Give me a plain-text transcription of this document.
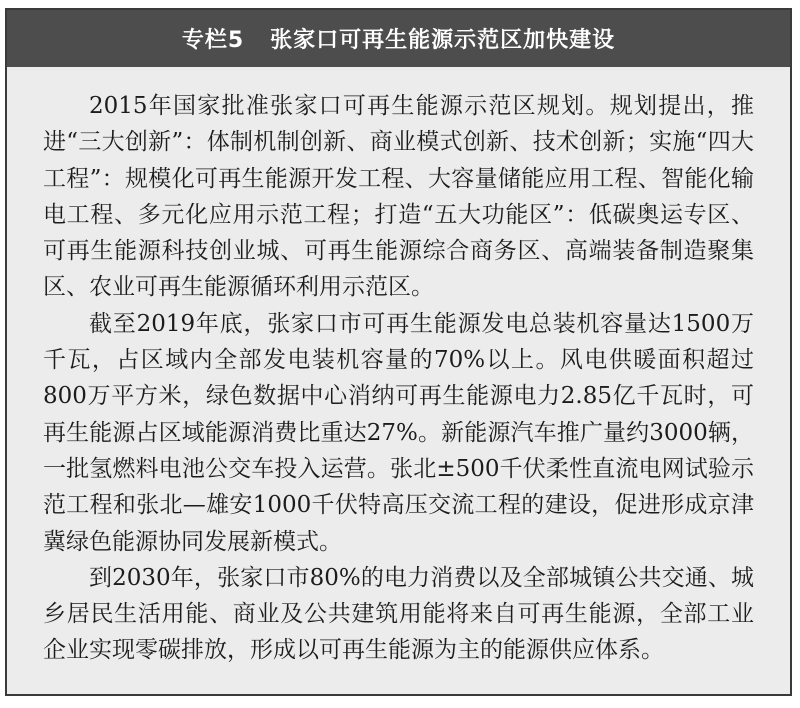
专栏5 张家口可再生能源示范区加快建设

2015年国家批准张家口可再生能源示范区规划。规划提出，推进“三大创新”：体制机制创新、商业模式创新、技术创新；实施“四大工程”：规模化可再生能源开发工程、大容量储能应用工程、智能化输电工程、多元化应用示范工程；打造“五大功能区”：低碳奥运专区、可再生能源科技创业城、可再生能源综合商务区、高端装备制造聚集区、农业可再生能源循环利用示范区。

截至2019年底，张家口市可再生能源发电总装机容量达1500万千瓦，占区域内全部发电装机容量的70%以上。风电供暖面积超过800万平方米，绿色数据中心消纳可再生能源电力2.85亿千瓦时，可再生能源占区域能源消费比重达27%。新能源汽车推广量约3000辆，一批氢燃料电池公交车投入运营。张北±500千伏柔性直流电网试验示范工程和张北—雄安1000千伏特高压交流工程的建设，促进形成京津冀绿色能源协同发展新模式。

到2030年，张家口市80%的电力消费以及全部城镇公共交通、城乡居民生活用能、商业及公共建筑用能将来自可再生能源，全部工业企业实现零碳排放，形成以可再生能源为主的能源供应体系。
